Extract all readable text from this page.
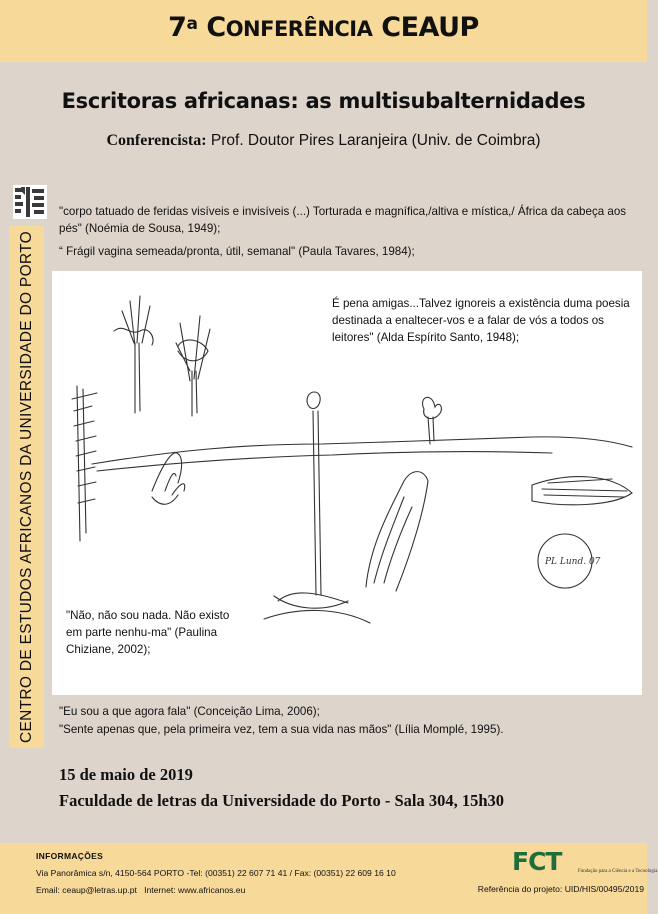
7$^a$ CONFERÊNCIA CEAUP
Escritoras africanas: as multisubalternidades
Conferencista: Prof. Doutor Pires Laranjeira (Univ. de Coimbra)
CENTRO DE ESTUDOS AFRICANOS DA UNIVERSIDADE DO PORTO
"corpo tatuado de feridas visíveis e invisíveis (...) Torturada e magnífica,/altiva e mística,/ África da cabeça aos pés" (Noémia de Sousa, 1949);
“ Frágil vagina semeada/pronta, útil, semanal" (Paula Tavares, 1984);
PL Lund. 07
É pena amigas...Talvez ignoreis a existência duma poesia destinada a enaltecer-vos e a falar de vós a todos os leitores" (Alda Espírito Santo, 1948);
"Não, não sou nada. Não existo em parte nenhu-ma" (Paulina Chiziane, 2002);
"Eu sou a que agora fala" (Conceição Lima, 2006);
"Sente apenas que, pela primeira vez, tem a sua vida nas mãos" (Lília Momplé, 1995).
15 de maio de 2019
Faculdade de letras da Universidade do Porto - Sala 304, 15h30
INFORMAÇÕES
Via Panorâmica s/n, 4150-564 PORTO -Tel: (00351) 22 607 71 41 / Fax: (00351) 22 609 16 10
Email: ceaup@letras.up.pt Internet: www.africanos.eu
FCT	Fundação para a Ciência e a Tecnologia
Referência do projeto: UID/HIS/00495/2019
